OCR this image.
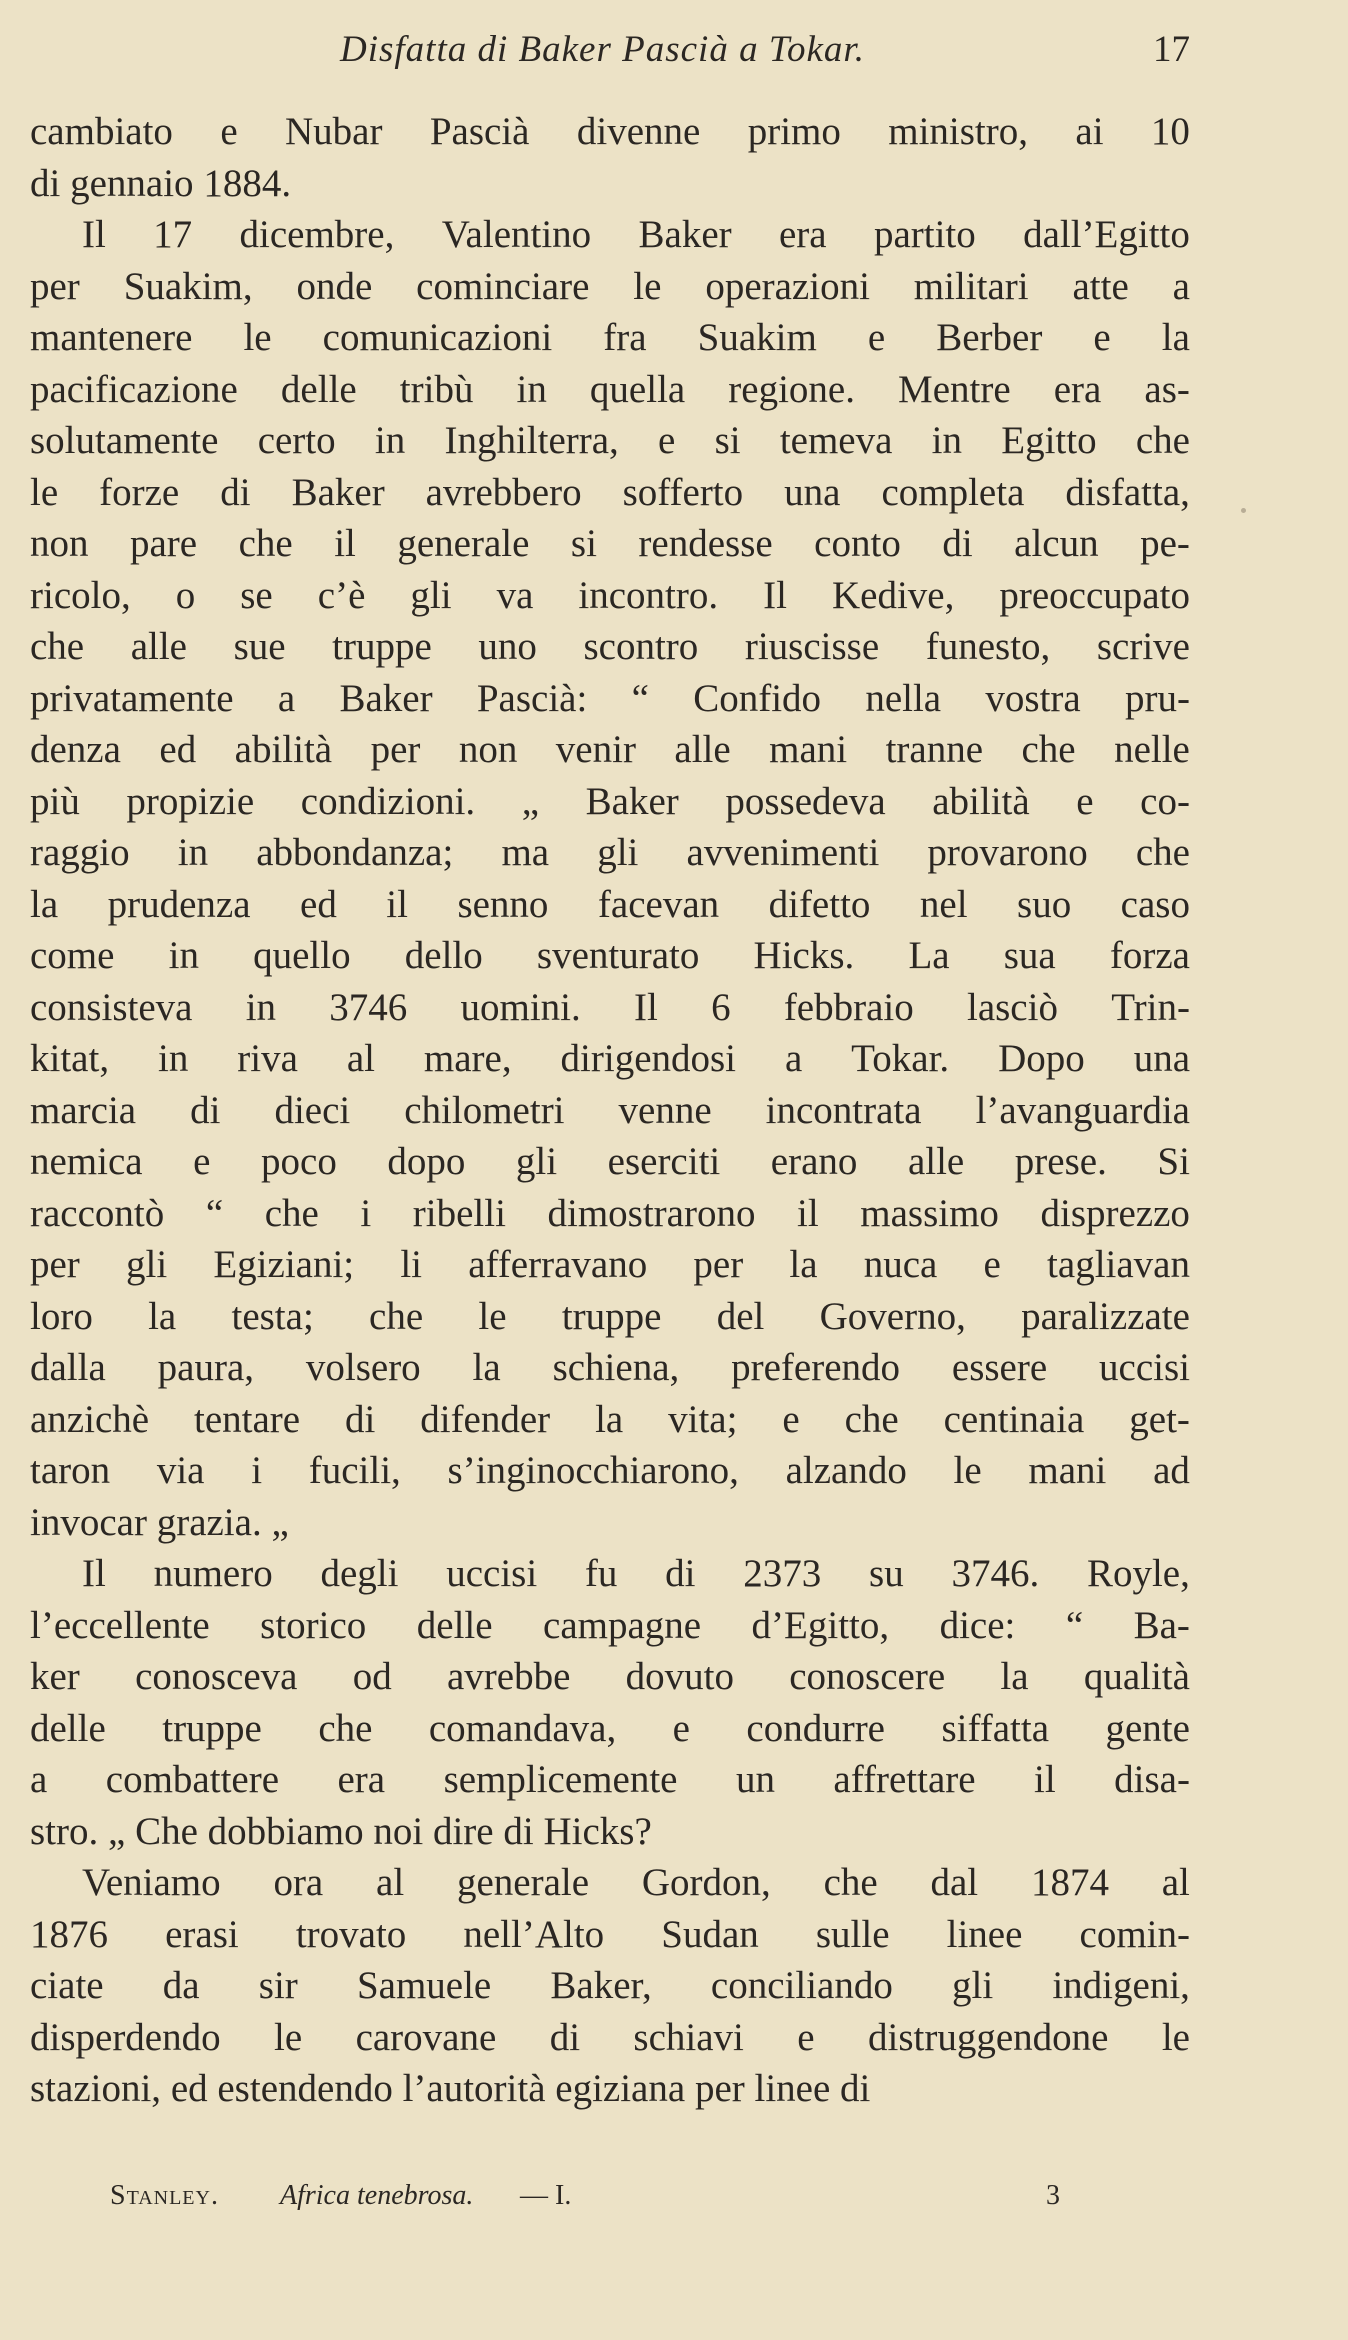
Disfatta di Baker Pascià a Tokar.	17
cambiato e Nubar Pascià divenne primo ministro, ai 10
di gennaio 1884.
Il 17 dicembre, Valentino Baker era partito dall’Egitto
per Suakim, onde cominciare le operazioni militari atte a
mantenere le comunicazioni fra Suakim e Berber e la
pacificazione delle tribù in quella regione. Mentre era as-
solutamente certo in Inghilterra, e si temeva in Egitto che
le forze di Baker avrebbero sofferto una completa disfatta,
non pare che il generale si rendesse conto di alcun pe-
ricolo, o se c’è gli va incontro. Il Kedive, preoccupato
che alle sue truppe uno scontro riuscisse funesto, scrive
privatamente a Baker Pascià: “ Confido nella vostra pru-
denza ed abilità per non venir alle mani tranne che nelle
più propizie condizioni. „ Baker possedeva abilità e co-
raggio in abbondanza; ma gli avvenimenti provarono che
la prudenza ed il senno facevan difetto nel suo caso
come in quello dello sventurato Hicks. La sua forza
consisteva in 3746 uomini. Il 6 febbraio lasciò Trin-
kitat, in riva al mare, dirigendosi a Tokar. Dopo una
marcia di dieci chilometri venne incontrata l’avanguardia
nemica e poco dopo gli eserciti erano alle prese. Si
raccontò “ che i ribelli dimostrarono il massimo disprezzo
per gli Egiziani; li afferravano per la nuca e tagliavan
loro la testa; che le truppe del Governo, paralizzate
dalla paura, volsero la schiena, preferendo essere uccisi
anzichè tentare di difender la vita; e che centinaia get-
taron via i fucili, s’inginocchiarono, alzando le mani ad
invocar grazia. „
Il numero degli uccisi fu di 2373 su 3746. Royle,
l’eccellente storico delle campagne d’Egitto, dice: “ Ba-
ker conosceva od avrebbe dovuto conoscere la qualità
delle truppe che comandava, e condurre siffatta gente
a combattere era semplicemente un affrettare il disa-
stro. „ Che dobbiamo noi dire di Hicks?
Veniamo ora al generale Gordon, che dal 1874 al
1876 erasi trovato nell’Alto Sudan sulle linee comin-
ciate da sir Samuele Baker, conciliando gli indigeni,
disperdendo le carovane di schiavi e distruggendone le
stazioni, ed estendendo l’autorità egiziana per linee di
Stanley. Africa tenebrosa. — I.	3
